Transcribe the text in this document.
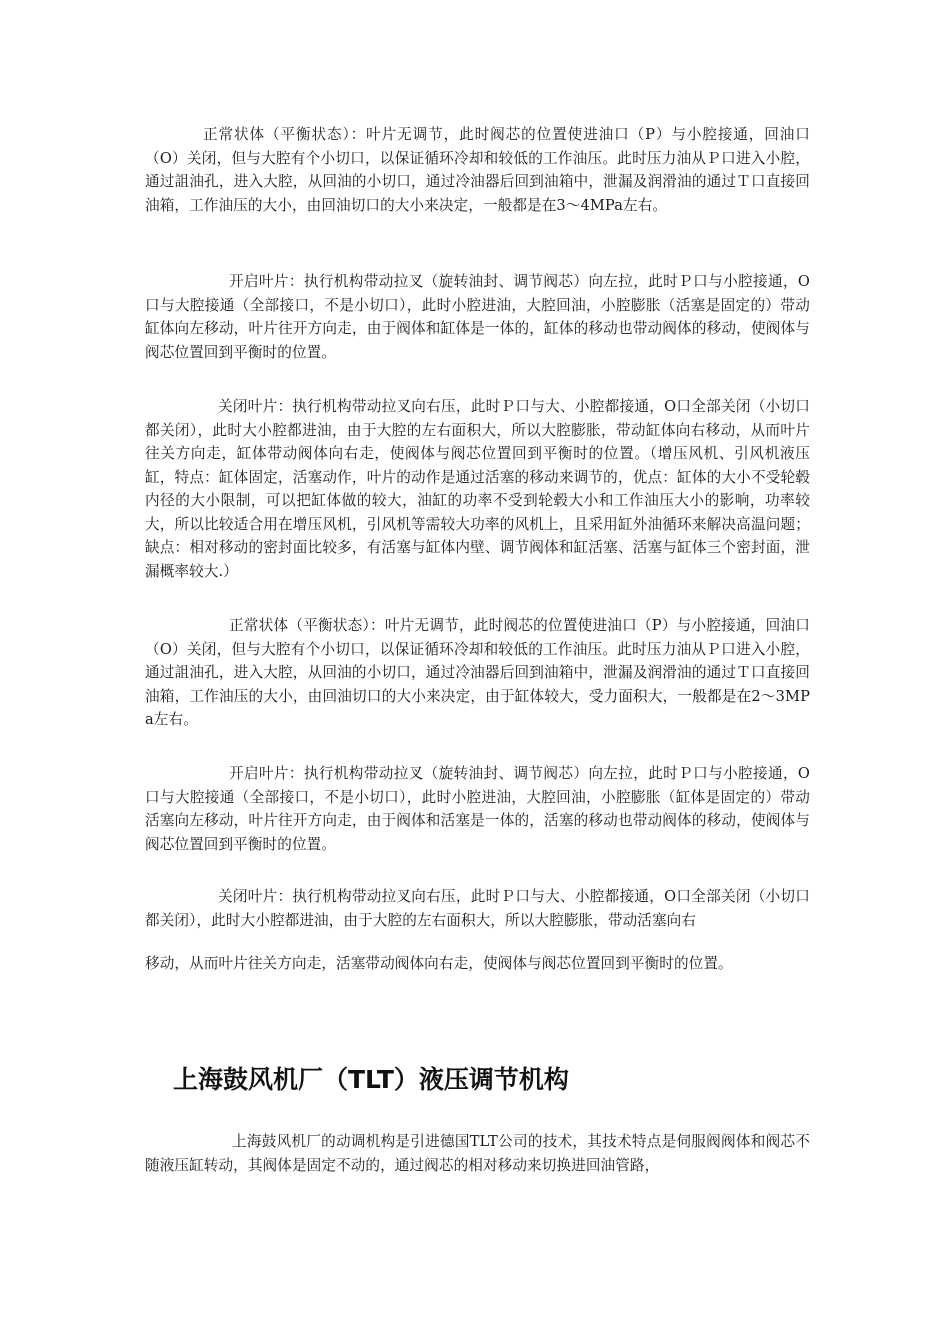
正常状体（平衡状态）：叶片无调节，此时阀芯的位置使进油口（P）与小腔接通，回油口（O）关闭，但与大腔有个小切口，以保证循环冷却和较低的工作油压。此时压力油从Ｐ口进入小腔，通过詛油孔，进入大腔，从回油的小切口，通过冷油器后回到油箱中，泄漏及润滑油的通过Ｔ口直接回油箱，工作油压的大小，由回油切口的大小来决定，一般都是在3～4MPa左右。

开启叶片：执行机构带动拉叉（旋转油封、调节阀芯）向左拉，此时Ｐ口与小腔接通，O口与大腔接通（全部接口，不是小切口），此时小腔进油，大腔回油，小腔膨胀（活塞是固定的）带动缸体向左移动，叶片往开方向走，由于阀体和缸体是一体的，缸体的移动也带动阀体的移动，使阀体与阀芯位置回到平衡时的位置。

关闭叶片：执行机构带动拉叉向右压，此时Ｐ口与大、小腔都接通，O口全部关闭（小切口都关闭），此时大小腔都进油，由于大腔的左右面积大，所以大腔膨胀，带动缸体向右移动，从而叶片往关方向走，缸体带动阀体向右走，使阀体与阀芯位置回到平衡时的位置。（增压风机、引风机液压缸，特点：缸体固定，活塞动作，叶片的动作是通过活塞的移动来调节的，优点：缸体的大小不受轮毂内径的大小限制，可以把缸体做的较大，油缸的功率不受到轮毂大小和工作油压大小的影响，功率较大，所以比较适合用在增压风机，引风机等需较大功率的风机上，且采用缸外油循环来解决高温问题；缺点：相对移动的密封面比较多，有活塞与缸体内壁、调节阀体和缸活塞、活塞与缸体三个密封面，泄漏概率较大.）

正常状体（平衡状态）：叶片无调节，此时阀芯的位置使进油口（P）与小腔接通，回油口（O）关闭，但与大腔有个小切口，以保证循环冷却和较低的工作油压。此时压力油从Ｐ口进入小腔，通过詛油孔，进入大腔，从回油的小切口，通过冷油器后回到油箱中，泄漏及润滑油的通过Ｔ口直接回油箱，工作油压的大小，由回油切口的大小来决定，由于缸体较大，受力面积大，一般都是在2～3MPa左右。

开启叶片：执行机构带动拉叉（旋转油封、调节阀芯）向左拉，此时Ｐ口与小腔接通，O口与大腔接通（全部接口，不是小切口），此时小腔进油，大腔回油，小腔膨胀（缸体是固定的）带动活塞向左移动，叶片往开方向走，由于阀体和活塞是一体的，活塞的移动也带动阀体的移动，使阀体与阀芯位置回到平衡时的位置。

关闭叶片：执行机构带动拉叉向右压，此时Ｐ口与大、小腔都接通，O口全部关闭（小切口都关闭），此时大小腔都进油，由于大腔的左右面积大，所以大腔膨胀，带动活塞向右

移动，从而叶片往关方向走，活塞带动阀体向右走，使阀体与阀芯位置回到平衡时的位置。

上海鼓风机厂（TLT）液压调节机构

上海鼓风机厂的动调机构是引进德国TLT公司的技术，其技术特点是伺服阀阀体和阀芯不随液压缸转动，其阀体是固定不动的，通过阀芯的相对移动来切换进回油管路，
